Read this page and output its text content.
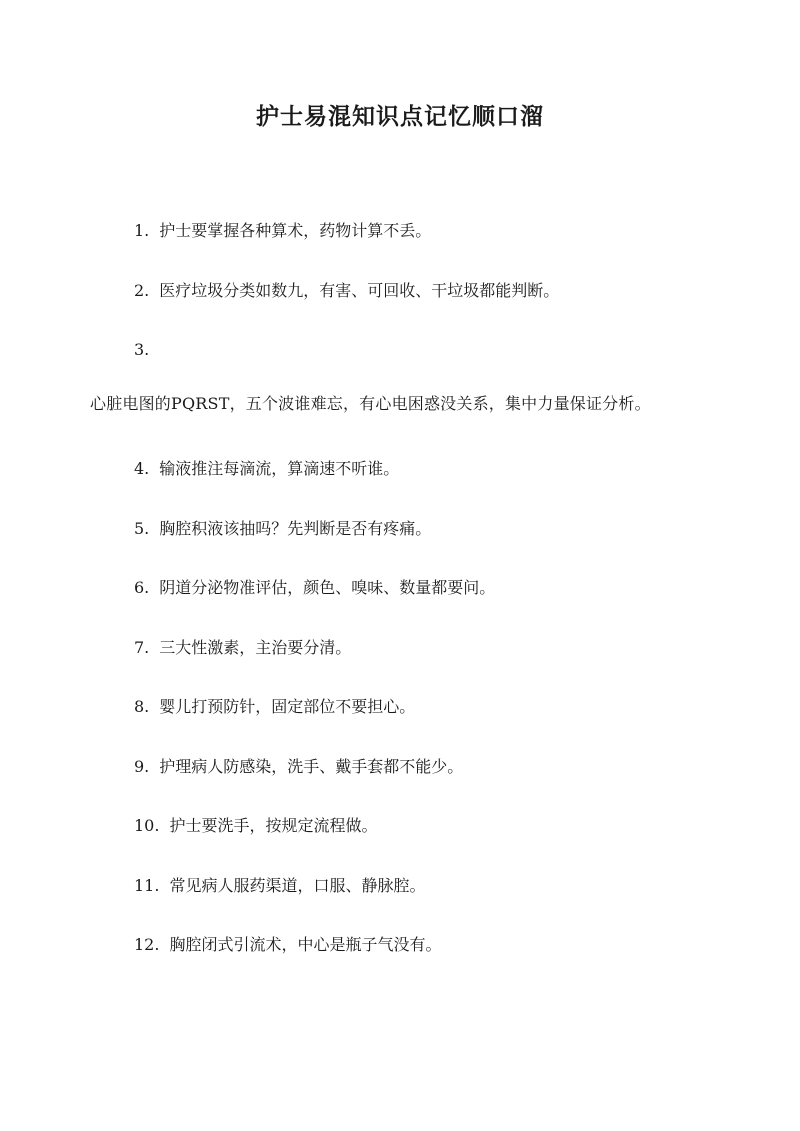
护士易混知识点记忆顺口溜
1. 护士要掌握各种算术，药物计算不丢。
2. 医疗垃圾分类如数九，有害、可回收、干垃圾都能判断。
3.
心脏电图的PQRST，五个波谁难忘，有心电困惑没关系，集中力量保证分析。
4. 输液推注每滴流，算滴速不听谁。
5. 胸腔积液该抽吗？先判断是否有疼痛。
6. 阴道分泌物准评估，颜色、嗅味、数量都要问。
7. 三大性激素，主治要分清。
8. 婴儿打预防针，固定部位不要担心。
9. 护理病人防感染，洗手、戴手套都不能少。
10. 护士要洗手，按规定流程做。
11. 常见病人服药渠道，口服、静脉腔。
12. 胸腔闭式引流术，中心是瓶子气没有。
